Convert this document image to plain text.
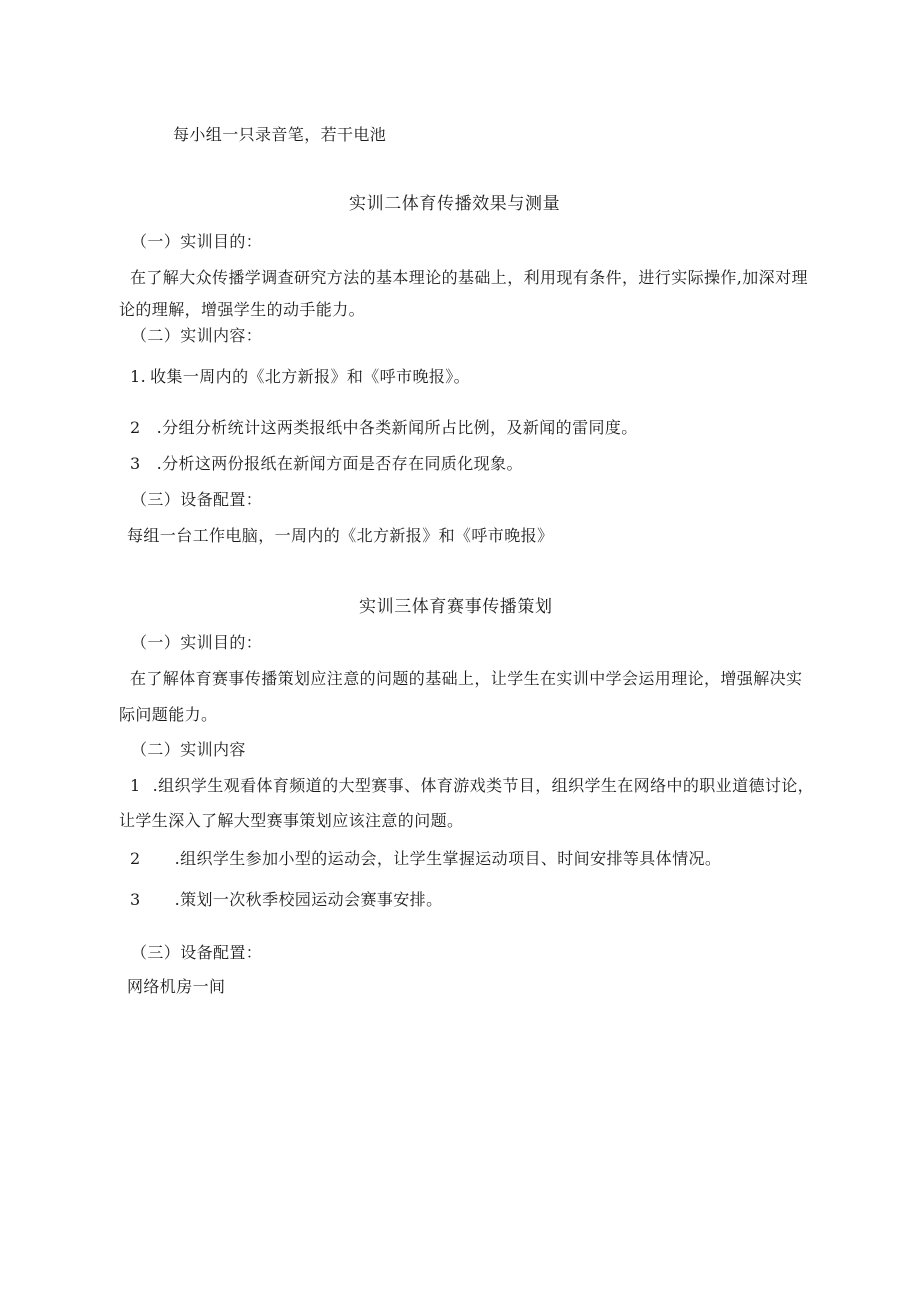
每小组一只录音笔，若干电池
实训二体育传播效果与测量
（一）实训目的：
在了解大众传播学调查研究方法的基本理论的基础上，利用现有条件，进行实际操作,加深对理
论的理解，增强学生的动手能力。
（二）实训内容：
1. 收集一周内的《北方新报》和《呼市晚报》。
2 .分组分析统计这两类报纸中各类新闻所占比例，及新闻的雷同度。
3 .分析这两份报纸在新闻方面是否存在同质化现象。
（三）设备配置：
每组一台工作电脑，一周内的《北方新报》和《呼市晚报》
实训三体育赛事传播策划
（一）实训目的：
在了解体育赛事传播策划应注意的问题的基础上，让学生在实训中学会运用理论，增强解决实
际问题能力。
（二）实训内容
1 .组织学生观看体育频道的大型赛事、体育游戏类节目，组织学生在网络中的职业道德讨论，
让学生深入了解大型赛事策划应该注意的问题。
2 .组织学生参加小型的运动会，让学生掌握运动项目、时间安排等具体情况。
3 .策划一次秋季校园运动会赛事安排。
（三）设备配置：
网络机房一间
